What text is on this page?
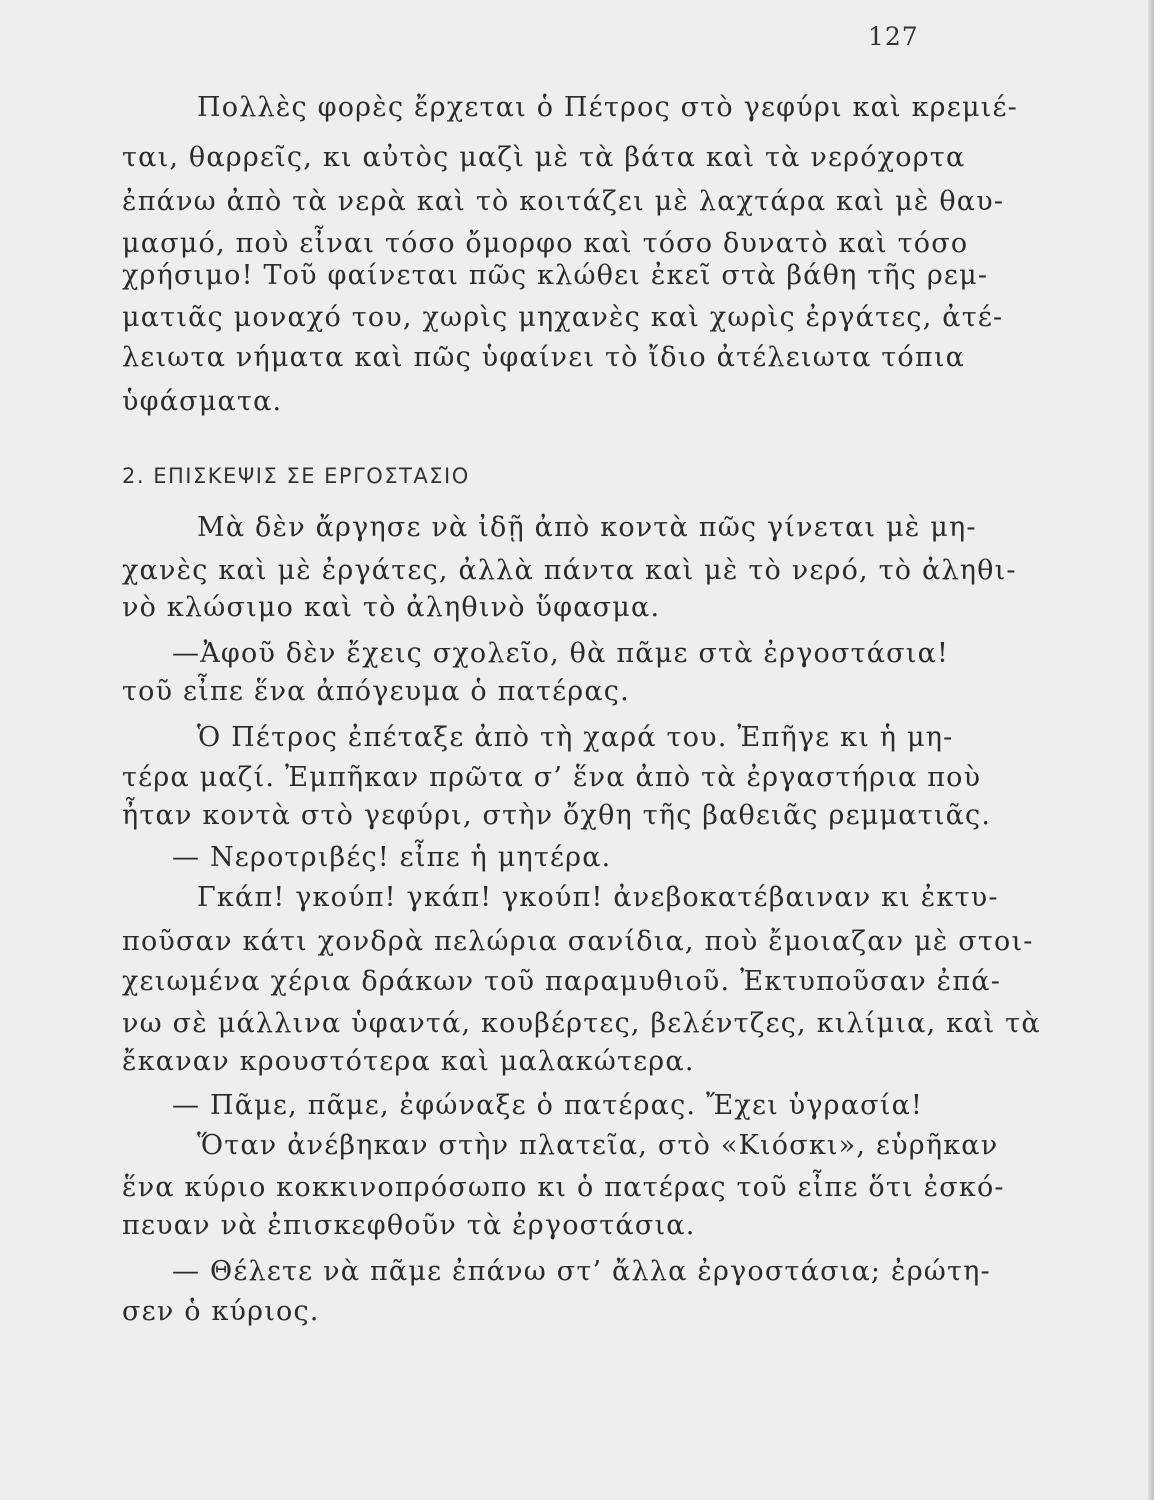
127
Πολλὲς φορὲς ἔρχεται ὁ Πέτρος στὸ γεφύρι καὶ κρεμιέ-
ται, θαρρεῖς, κι αὐτὸς μαζὶ μὲ τὰ βάτα καὶ τὰ νερόχορτα
ἐπάνω ἀπὸ τὰ νερὰ καὶ τὸ κοιτάζει μὲ λαχτάρα καὶ μὲ θαυ-
μασμό, ποὺ εἶναι τόσο ὄμορφο καὶ τόσο δυνατὸ καὶ τόσο
χρήσιμο! Τοῦ φαίνεται πῶς κλώθει ἐκεῖ στὰ βάθη τῆς ρεμ-
ματιᾶς μοναχό του, χωρὶς μηχανὲς καὶ χωρὶς ἐργάτες, ἀτέ-
λειωτα νήματα καὶ πῶς ὑφαίνει τὸ ἴδιο ἀτέλειωτα τόπια
ὑφάσματα.
2. ΕΠΙΣΚΕΨΙΣ ΣΕ ΕΡΓΟΣΤΑΣΙΟ
Μὰ δὲν ἄργησε νὰ ἰδῇ ἀπὸ κοντὰ πῶς γίνεται μὲ μη-
χανὲς καὶ μὲ ἐργάτες, ἀλλὰ πάντα καὶ μὲ τὸ νερό, τὸ ἀληθι-
νὸ κλώσιμο καὶ τὸ ἀληθινὸ ὕφασμα.
—Ἀφοῦ δὲν ἔχεις σχολεῖο, θὰ πᾶμε στὰ ἐργοστάσια!
τοῦ εἶπε ἕνα ἀπόγευμα ὁ πατέρας.
Ὁ Πέτρος ἐπέταξε ἀπὸ τὴ χαρά του. Ἐπῆγε κι ἡ μη-
τέρα μαζί. Ἐμπῆκαν πρῶτα σ’ ἕνα ἀπὸ τὰ ἐργαστήρια ποὺ
ἦταν κοντὰ στὸ γεφύρι, στὴν ὄχθη τῆς βαθειᾶς ρεμματιᾶς.
— Νεροτριβές! εἶπε ἡ μητέρα.
Γκάπ! γκούπ! γκάπ! γκούπ! ἀνεβοκατέβαιναν κι ἐκτυ-
ποῦσαν κάτι χονδρὰ πελώρια σανίδια, ποὺ ἔμοιαζαν μὲ στοι-
χειωμένα χέρια δράκων τοῦ παραμυθιοῦ. Ἐκτυποῦσαν ἐπά-
νω σὲ μάλλινα ὑφαντά, κουβέρτες, βελέντζες, κιλίμια, καὶ τὰ
ἔκαναν κρουστότερα καὶ μαλακώτερα.
— Πᾶμε, πᾶμε, ἐφώναξε ὁ πατέρας. Ἔχει ὑγρασία!
Ὅταν ἀνέβηκαν στὴν πλατεῖα, στὸ «Κιόσκι», εὑρῆκαν
ἕνα κύριο κοκκινοπρόσωπο κι ὁ πατέρας τοῦ εἶπε ὅτι ἐσκό-
πευαν νὰ ἐπισκεφθοῦν τὰ ἐργοστάσια.
— Θέλετε νὰ πᾶμε ἐπάνω στ’ ἄλλα ἐργοστάσια; ἐρώτη-
σεν ὁ κύριος.
